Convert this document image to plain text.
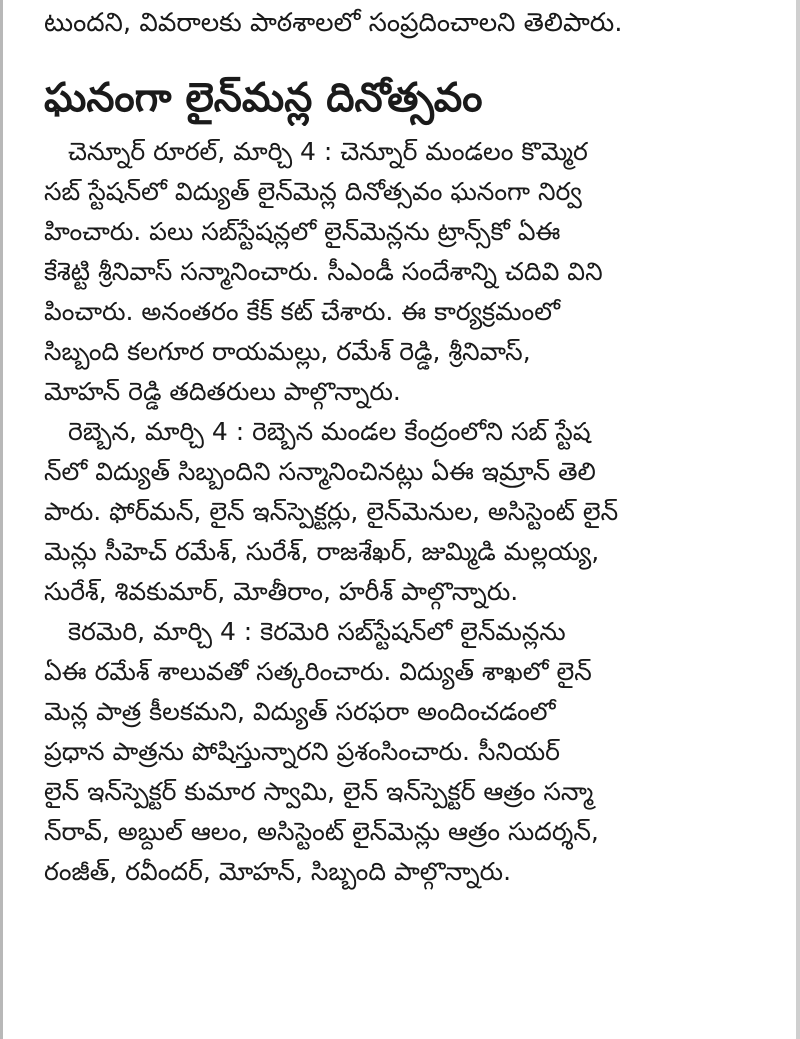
టుందని, వివరాలకు పాఠశాలలో సంప్రదించాలని తెలిపారు.
ఘనంగా లైన్‌మన్ల దినోత్సవం

చెన్నూర్ రూరల్, మార్చి 4 : చెన్నూర్ మండలం కొమ్మెర
సబ్ స్టేషన్‌లో విద్యుత్ లైన్‌మెన్ల దినోత్సవం ఘనంగా నిర్వ
హించారు. పలు సబ్‌స్టేషన్లలో లైన్‌మెన్లను ట్రాన్స్‌కో ఏఈ
కేశెట్టి శ్రీనివాస్ సన్మానించారు. సీఎండీ సందేశాన్ని చదివి విని
పించారు. అనంతరం కేక్ కట్ చేశారు. ఈ కార్యక్రమంలో
సిబ్బంది కలగూర రాయమల్లు, రమేశ్ రెడ్డి, శ్రీనివాస్,
మోహన్ రెడ్డి తదితరులు పాల్గొన్నారు.

రెబ్బెన, మార్చి 4 : రెబ్బెన మండల కేంద్రంలోని సబ్ స్టేష
న్‌లో విద్యుత్ సిబ్బందిని సన్మానించినట్లు ఏఈ ఇమ్రాన్ తెలి
పారు. ఫోర్‌మన్, లైన్ ఇన్‌స్పెక్టర్లు, లైన్‌మెనుల, అసిస్టెంట్ లైన్
మెన్లు సీహెచ్ రమేశ్, సురేశ్, రాజశేఖర్, జుమ్మిడి మల్లయ్య,
సురేశ్, శివకుమార్, మోతీరాం, హరీశ్ పాల్గొన్నారు.

కెరమెరి, మార్చి 4 : కెరమెరి సబ్‌స్టేషన్‌లో లైన్‌మన్లను
ఏఈ రమేశ్ శాలువతో సత్కరించారు. విద్యుత్ శాఖలో లైన్
మెన్ల పాత్ర కీలకమని, విద్యుత్ సరఫరా అందించడంలో
ప్రధాన పాత్రను పోషిస్తున్నారని ప్రశంసించారు. సీనియర్
లైన్ ఇన్‌స్పెక్టర్ కుమార స్వామి, లైన్ ఇన్‌స్పెక్టర్ ఆత్రం సన్మా
న్‌రావ్, అబ్దుల్ ఆలం, అసిస్టెంట్ లైన్‌మెన్లు ఆత్రం సుదర్శన్,
రంజీత్, రవీందర్, మోహన్, సిబ్బంది పాల్గొన్నారు.
